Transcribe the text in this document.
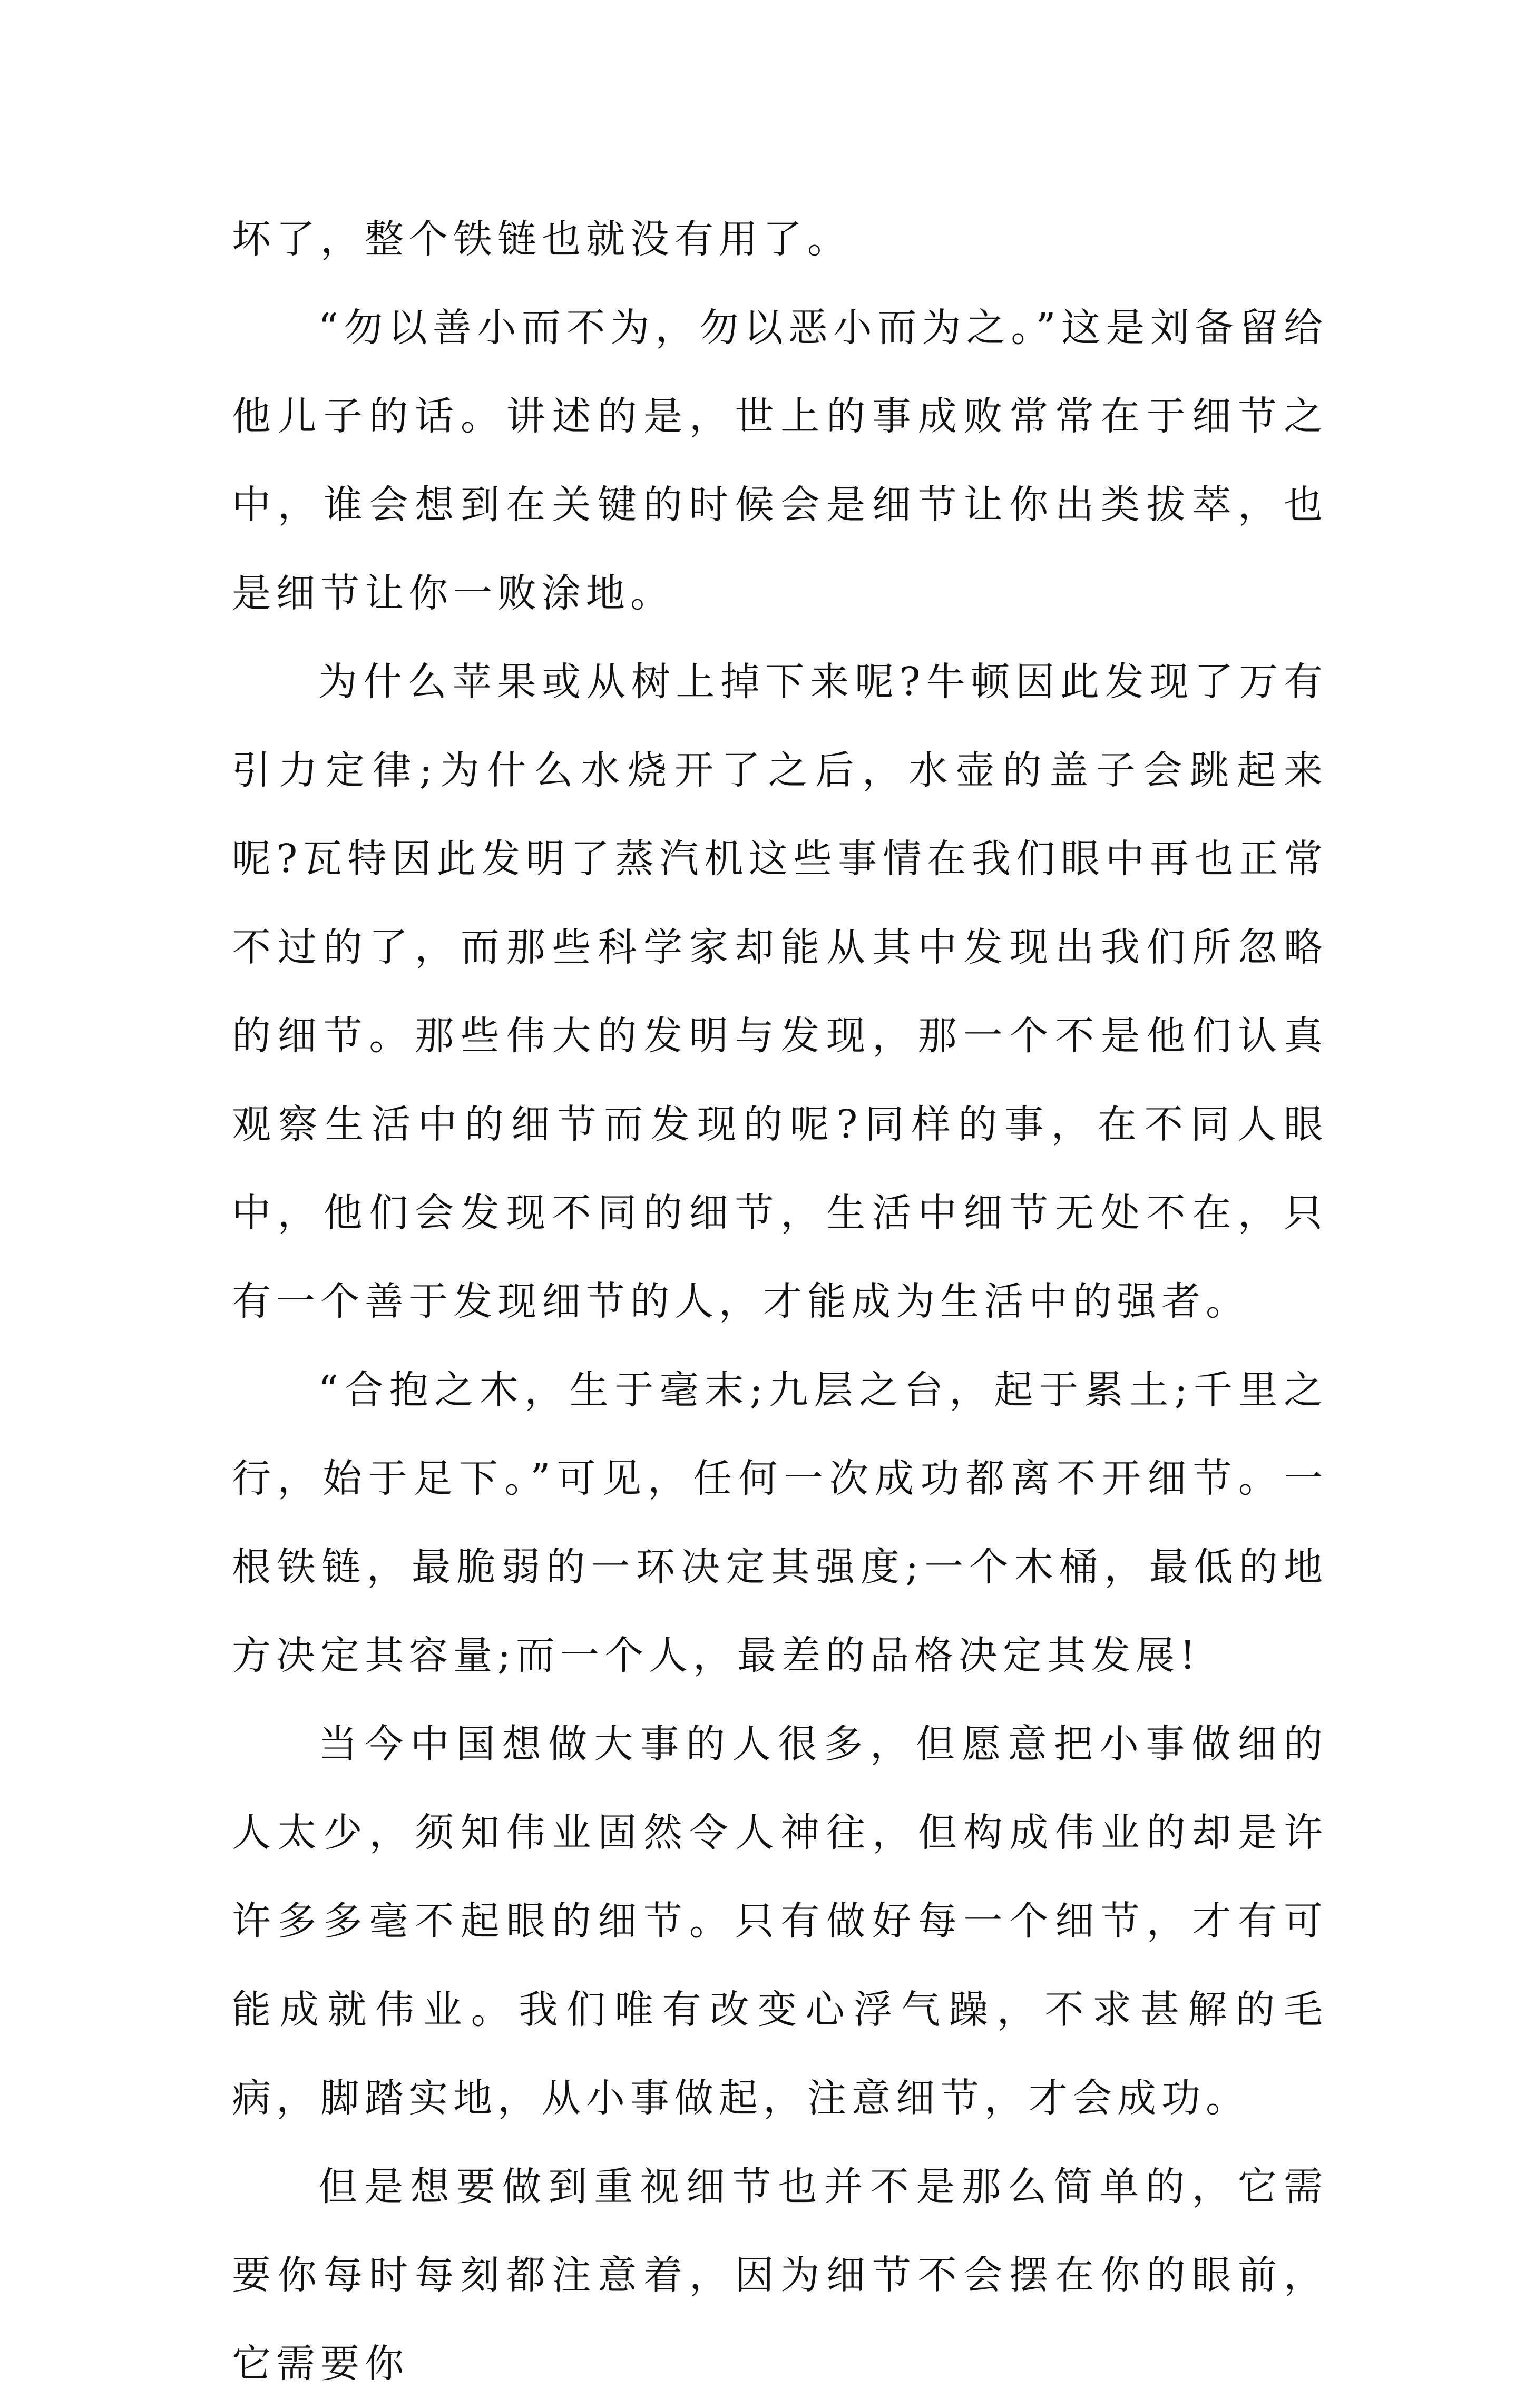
坏了，整个铁链也就没有用了。

“勿以善小而不为，勿以恶小而为之。”这是刘备留给他儿子的话。讲述的是，世上的事成败常常在于细节之中，谁会想到在关键的时候会是细节让你出类拔萃，也是细节让你一败涂地。

为什么苹果或从树上掉下来呢?牛顿因此发现了万有引力定律;为什么水烧开了之后，水壶的盖子会跳起来呢?瓦特因此发明了蒸汽机这些事情在我们眼中再也正常不过的了，而那些科学家却能从其中发现出我们所忽略的细节。那些伟大的发明与发现，那一个不是他们认真观察生活中的细节而发现的呢?同样的事，在不同人眼中，他们会发现不同的细节，生活中细节无处不在，只有一个善于发现细节的人，才能成为生活中的强者。

“合抱之木，生于毫末;九层之台，起于累土;千里之行，始于足下。”可见，任何一次成功都离不开细节。一根铁链，最脆弱的一环决定其强度;一个木桶，最低的地方决定其容量;而一个人，最差的品格决定其发展!

当今中国想做大事的人很多，但愿意把小事做细的人太少，须知伟业固然令人神往，但构成伟业的却是许许多多毫不起眼的细节。只有做好每一个细节，才有可能成就伟业。我们唯有改变心浮气躁，不求甚解的毛病，脚踏实地，从小事做起，注意细节，才会成功。

但是想要做到重视细节也并不是那么简单的，它需要你每时每刻都注意着，因为细节不会摆在你的眼前，它需要你
